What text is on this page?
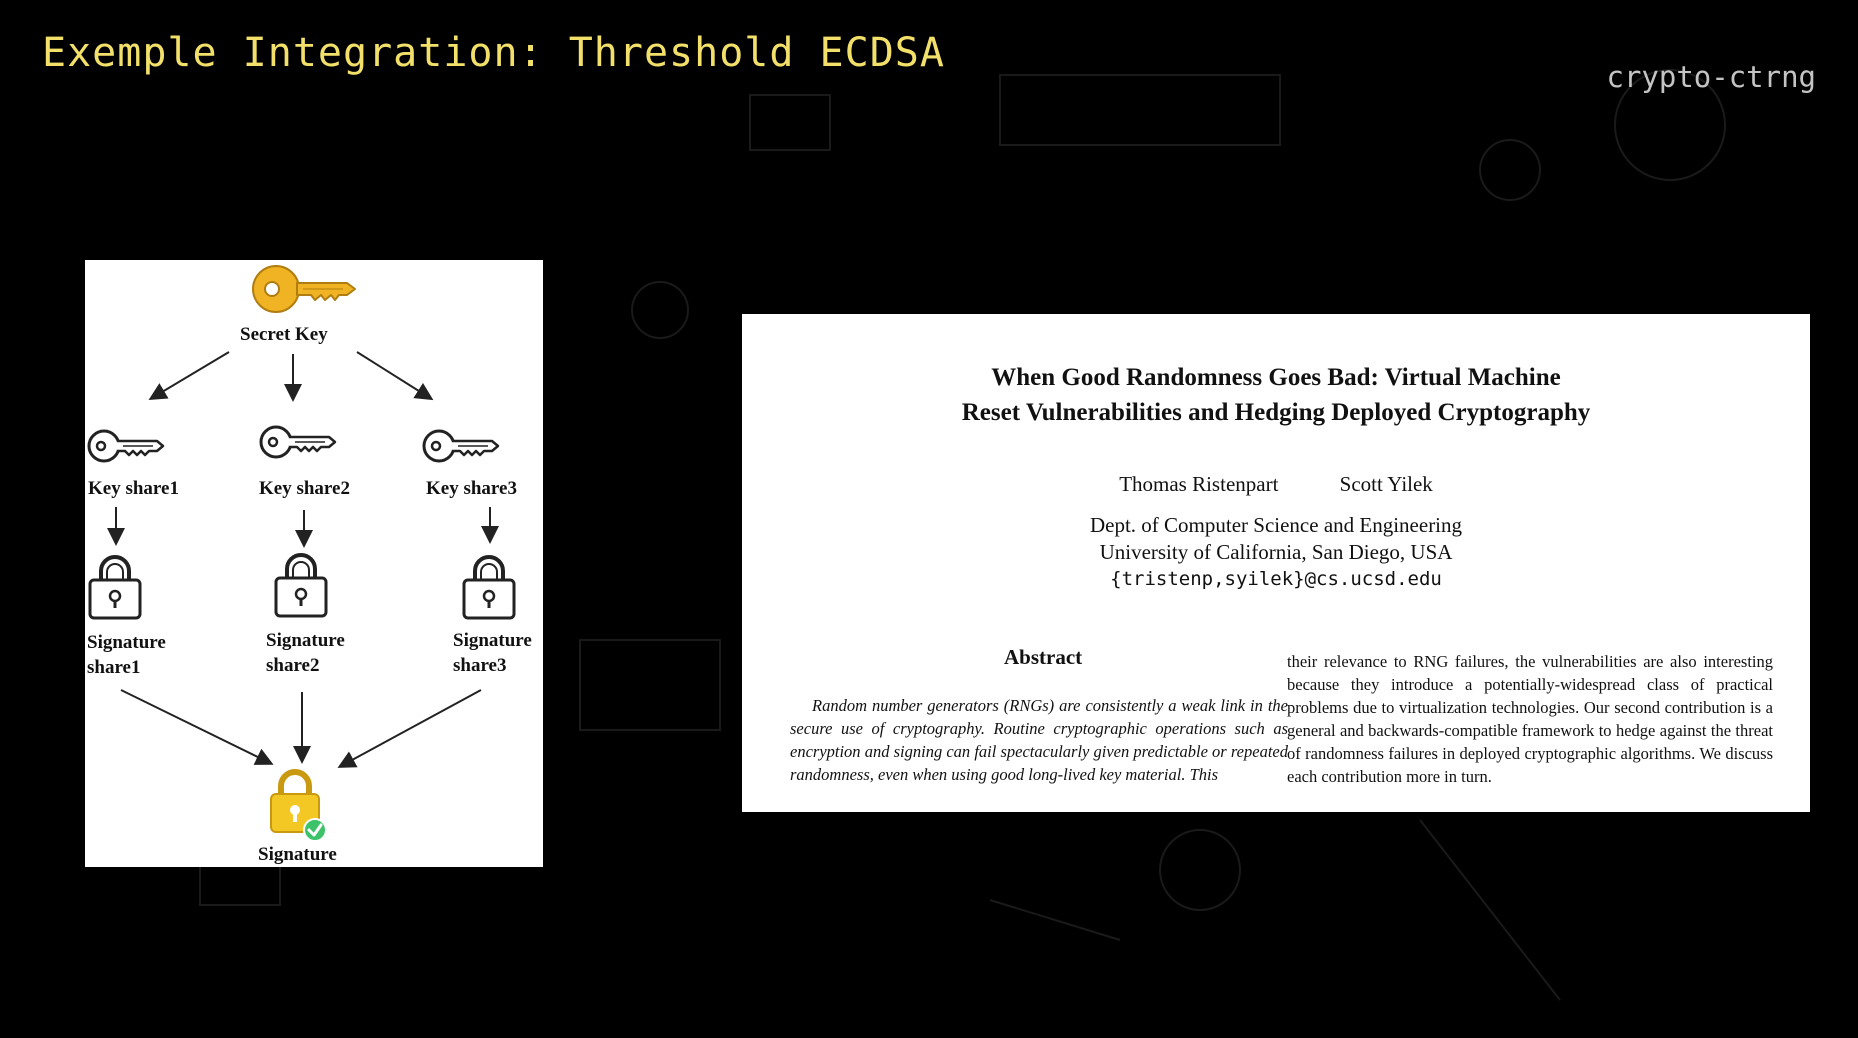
Exemple Integration: Threshold ECDSA
crypto-ctrng
Secret Key
Key share1	Key share2	Key share3
Signature
share1
Signature
share2
Signature
share3
Signature
When Good Randomness Goes Bad: Virtual Machine
Reset Vulnerabilities and Hedging Deployed Cryptography
Thomas Ristenpart	Scott Yilek
Dept. of Computer Science and Engineering
University of California, San Diego, USA
{tristenp,syilek}@cs.ucsd.edu
Abstract
Random number generators (RNGs) are consistently a weak link in the secure use of cryptography. Routine cryptographic operations such as encryption and signing can fail spectacularly given predictable or repeated randomness, even when using good long-lived key material. This
their relevance to RNG failures, the vulnerabilities are also interesting because they introduce a potentially-widespread class of practical problems due to virtualization technologies. Our second contribution is a general and backwards-compatible framework to hedge against the threat of randomness failures in deployed cryptographic algorithms. We discuss each contribution more in turn.
